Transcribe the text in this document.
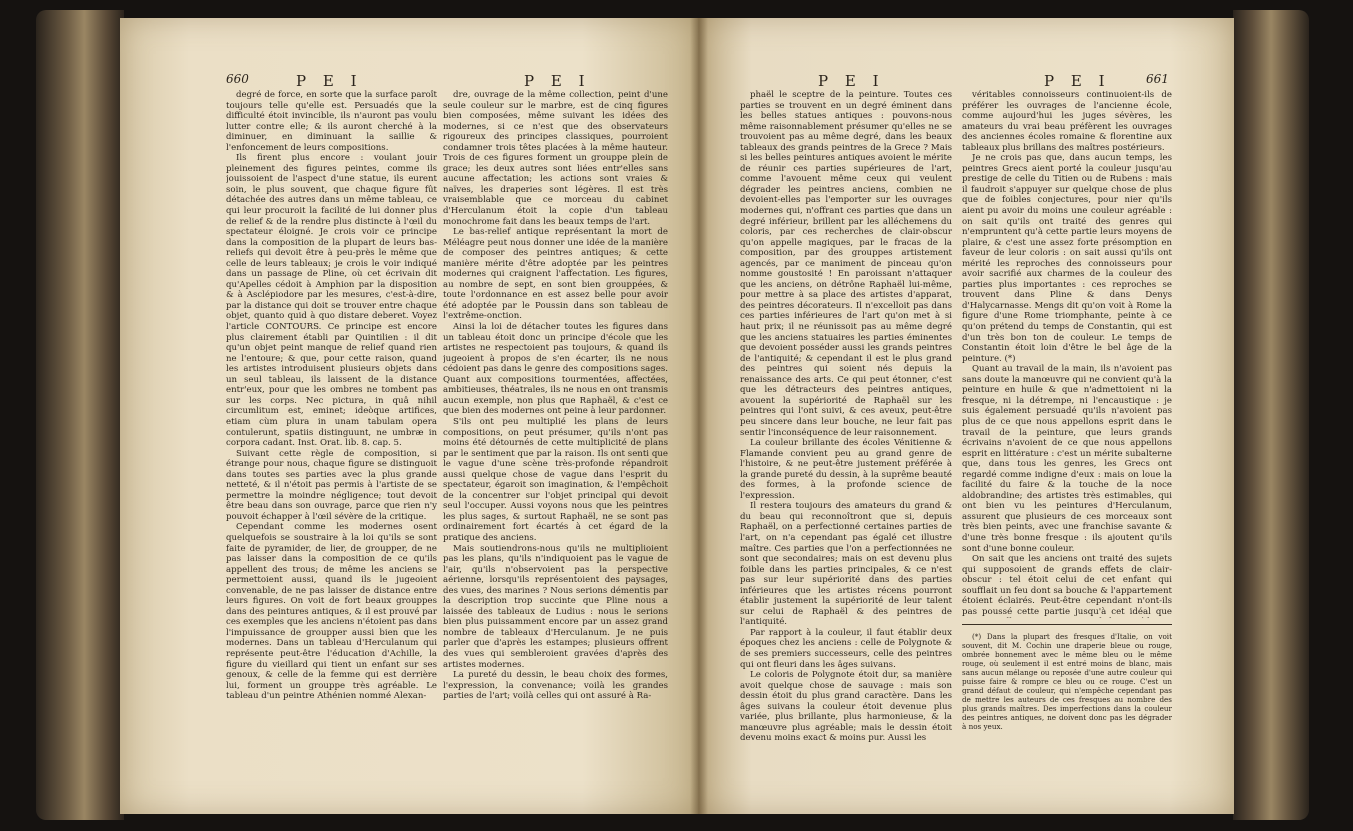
660	P E I	P E I

degré de force, en sorte que la surface paroît toujours telle qu'elle est. Persuadés que la difficulté étoit invincible, ils n'auront pas voulu lutter contre elle; & ils auront cherché à la diminuer, en diminuant la saillie & l'enfoncement de leurs compositions.

Ils firent plus encore : voulant jouir pleinement des figures peintes, comme ils jouissoient de l'aspect d'une statue, ils eurent soin, le plus souvent, que chaque figure fût détachée des autres dans un même tableau, ce qui leur procuroit la facilité de lui donner plus de relief & de la rendre plus distincte à l'œil du spectateur éloigné. Je crois voir ce principe dans la composition de la plupart de leurs bas-reliefs qui devoit être à peu-près le même que celle de leurs tableaux; je crois le voir indiqué dans un passage de Pline, où cet écrivain dit qu'Apelles cédoit à Amphion par la disposition & à Asclépiodore par les mesures, c'est-à-dire, par la distance qui doit se trouver entre chaque objet, quanto quid à quo distare deberet. Voyez l'article CONTOURS. Ce principe est encore plus clairement établi par Quintilien : il dit qu'un objet peint manque de relief quand rien ne l'entoure; & que, pour cette raison, quand les artistes introduisent plusieurs objets dans un seul tableau, ils laissent de la distance entr'eux, pour que les ombres ne tombent pas sur les corps. Nec pictura, in quâ nihil circumlitum est, eminet; ideòque artifices, etiam cùm plura in unam tabulam opera contulerunt, spatiis distinguunt, ne umbræ in corpora cadant. Inst. Orat. lib. 8. cap. 5.

Suivant cette règle de composition, si étrange pour nous, chaque figure se distinguoit dans toutes ses parties avec la plus grande netteté, & il n'étoit pas permis à l'artiste de se permettre la moindre négligence; tout devoit être beau dans son ouvrage, parce que rien n'y pouvoit échapper à l'œil sévère de la critique.

Cependant comme les modernes osent quelquefois se soustraire à la loi qu'ils se sont faite de pyramider, de lier, de groupper, de ne pas laisser dans la composition de ce qu'ils appellent des trous; de même les anciens se permettoient aussi, quand ils le jugeoient convenable, de ne pas laisser de distance entre leurs figures. On voit de fort beaux grouppes dans des peintures antiques, & il est prouvé par ces exemples que les anciens n'étoient pas dans l'impuissance de groupper aussi bien que les modernes. Dans un tableau d'Herculanum qui représente peut-être l'éducation d'Achille, la figure du vieillard qui tient un enfant sur ses genoux, & celle de la femme qui est derrière lui, forment un grouppe très agréable. Le tableau d'un peintre Athénien nommé Alexan-

dre, ouvrage de la même collection, peint d'une seule couleur sur le marbre, est de cinq figures bien composées, même suivant les idées des modernes, si ce n'est que des observateurs rigoureux des principes classiques, pourroient condamner trois têtes placées à la même hauteur. Trois de ces figures forment un grouppe plein de grace; les deux autres sont liées entr'elles sans aucune affectation; les actions sont vraies & naïves, les draperies sont légères. Il est très vraisemblable que ce morceau du cabinet d'Herculanum étoit la copie d'un tableau monochrome fait dans les beaux temps de l'art.

Le bas-relief antique représentant la mort de Méléagre peut nous donner une idée de la manière de composer des peintres antiques; & cette manière mérite d'être adoptée par les peintres modernes qui craignent l'affectation. Les figures, au nombre de sept, en sont bien grouppées, & toute l'ordonnance en est assez belle pour avoir été adoptée par le Poussin dans son tableau de l'extrême-onction.

Ainsi la loi de détacher toutes les figures dans un tableau étoit donc un principe d'école que les artistes ne respectoient pas toujours, & quand ils jugeoient à propos de s'en écarter, ils ne nous cédoient pas dans le genre des compositions sages. Quant aux compositions tourmentées, affectées, ambitieuses, théatrales, ils ne nous en ont transmis aucun exemple, non plus que Raphaël, & c'est ce que bien des modernes ont peine à leur pardonner.

S'ils ont peu multiplié les plans de leurs compositions, on peut présumer, qu'ils n'ont pas moins été détournés de cette multiplicité de plans par le sentiment que par la raison. Ils ont senti que le vague d'une scène très-profonde répandroit aussi quelque chose de vague dans l'esprit du spectateur, égaroit son imagination, & l'empêchoit de la concentrer sur l'objet principal qui devoit seul l'occuper. Aussi voyons nous que les peintres les plus sages, & surtout Raphaël, ne se sont pas ordinairement fort écartés à cet égard de la pratique des anciens.

Mais soutiendrons-nous qu'ils ne multiplioient pas les plans, qu'ils n'indiquoient pas le vague de l'air, qu'ils n'observoient pas la perspective aérienne, lorsqu'ils représentoient des paysages, des vues, des marines ? Nous serions démentis par la description trop succinte que Pline nous a laissée des tableaux de Ludius : nous le serions bien plus puissamment encore par un assez grand nombre de tableaux d'Herculanum. Je ne puis parler que d'après les estampes; plusieurs offrent des vues qui sembleroient gravées d'après des artistes modernes.

La pureté du dessin, le beau choix des formes, l'expression, la convenance; voilà les grandes parties de l'art; voilà celles qui ont assuré à Ra-

P E I	P E I	661

phaël le sceptre de la peinture. Toutes ces parties se trouvent en un degré éminent dans les belles statues antiques : pouvons-nous même raisonnablement présumer qu'elles ne se trouvoient pas au même degré, dans les beaux tableaux des grands peintres de la Grece ? Mais si les belles peintures antiques avoient le mérite de réunir ces parties supérieures de l'art, comme l'avouent même ceux qui veulent dégrader les peintres anciens, combien ne devoient-elles pas l'emporter sur les ouvrages modernes qui, n'offrant ces parties que dans un degré inférieur, brillent par les alléchemens du coloris, par ces recherches de clair-obscur qu'on appelle magiques, par le fracas de la composition, par des grouppes artistement agencés, par ce maniment de pinceau qu'on nomme goustosité ! En paroissant n'attaquer que les anciens, on détrône Raphaël lui-même, pour mettre à sa place des artistes d'apparat, des peintres décorateurs. Il n'excelloit pas dans ces parties inférieures de l'art qu'on met à si haut prix; il ne réunissoit pas au même degré que les anciens statuaires les parties éminentes que devoient posséder aussi les grands peintres de l'antiquité; & cependant il est le plus grand des peintres qui soient nés depuis la renaissance des arts. Ce qui peut étonner, c'est que les détracteurs des peintres antiques, avouent la supériorité de Raphaël sur les peintres qui l'ont suivi, & ces aveux, peut-être peu sincere dans leur bouche, ne leur fait pas sentir l'inconséquence de leur raisonnement.

La couleur brillante des écoles Vénitienne & Flamande convient peu au grand genre de l'histoire, & ne peut-être justement préférée à la grande pureté du dessin, à la suprême beauté des formes, à la profonde science de l'expression.

Il restera toujours des amateurs du grand & du beau qui reconnoîtront que si, depuis Raphaël, on a perfectionné certaines parties de l'art, on n'a cependant pas égalé cet illustre maître. Ces parties que l'on a perfectionnées ne sont que secondaires; mais on est devenu plus foible dans les parties principales, & ce n'est pas sur leur supériorité dans des parties inférieures que les artistes récens pourront établir justement la supériorité de leur talent sur celui de Raphaël & des peintres de l'antiquité.

Par rapport à la couleur, il faut établir deux époques chez les anciens : celle de Polygnote & de ses premiers successeurs, celle des peintres qui ont fleuri dans les âges suivans.

Le coloris de Polygnote étoit dur, sa manière avoit quelque chose de sauvage : mais son dessin étoit du plus grand caractère. Dans les âges suivans la couleur étoit devenue plus variée, plus brillante, plus harmonieuse, & la manœuvre plus agréable; mais le dessin étoit devenu moins exact & moins pur. Aussi les

véritables connoisseurs continuoient-ils de préférer les ouvrages de l'ancienne école, comme aujourd'hui les juges sévères, les amateurs du vrai beau préfèrent les ouvrages des anciennes écoles romaine & florentine aux tableaux plus brillans des maîtres postérieurs.

Je ne crois pas que, dans aucun temps, les peintres Grecs aient porté la couleur jusqu'au prestige de celle du Titien ou de Rubens : mais il faudroit s'appuyer sur quelque chose de plus que de foibles conjectures, pour nier qu'ils aient pu avoir du moins une couleur agréable : on sait qu'ils ont traité des genres qui n'empruntent qu'à cette partie leurs moyens de plaire, & c'est une assez forte présomption en faveur de leur coloris : on sait aussi qu'ils ont mérité les reproches des connoisseurs pour avoir sacrifié aux charmes de la couleur des parties plus importantes : ces reproches se trouvent dans Pline & dans Denys d'Halycarnasse. Mengs dit qu'on voit à Rome la figure d'une Rome triomphante, peinte à ce qu'on prétend du temps de Constantin, qui est d'un très bon ton de couleur. Le temps de Constantin étoit loin d'être le bel âge de la peinture. (*)

Quant au travail de la main, ils n'avoient pas sans doute la manœuvre qui ne convient qu'à la peinture en huile & que n'admettoient ni la fresque, ni la détrempe, ni l'encaustique : je suis également persuadé qu'ils n'avoient pas plus de ce que nous appellons esprit dans le travail de la peinture, que leurs grands écrivains n'avoient de ce que nous appellons esprit en littérature : c'est un mérite subalterne que, dans tous les genres, les Grecs ont regardé comme indigne d'eux : mais on loue la facilité du faire & la touche de la noce aldobrandine; des artistes très estimables, qui ont bien vu les peintures d'Herculanum, assurent que plusieurs de ces morceaux sont très bien peints, avec une franchise savante & d'une très bonne fresque : ils ajoutent qu'ils sont d'une bonne couleur.

On sait que les anciens ont traité des sujets qui supposoient de grands effets de clair-obscur : tel étoit celui de cet enfant qui soufflait un feu dont sa bouche & l'appartement étoient éclairés. Peut-être cependant n'ont-ils pas poussé cette partie jusqu'à cet idéal que

(*) Dans la plupart des fresques d'Italie, on voit souvent, dit M. Cochin une draperie bleue ou rouge, ombrée bonnement avec le même bleu ou le même rouge, où seulement il est entré moins de blanc, mais sans aucun mélange ou reposée d'une autre couleur qui puisse faire & rompre ce bleu ou ce rouge. C'est un grand défaut de couleur, qui n'empêche cependant pas de mettre les auteurs de ces fresques au nombre des plus grands maîtres. Des imperfections dans la couleur des peintres antiques, ne doivent donc pas les dégrader à nos yeux.
